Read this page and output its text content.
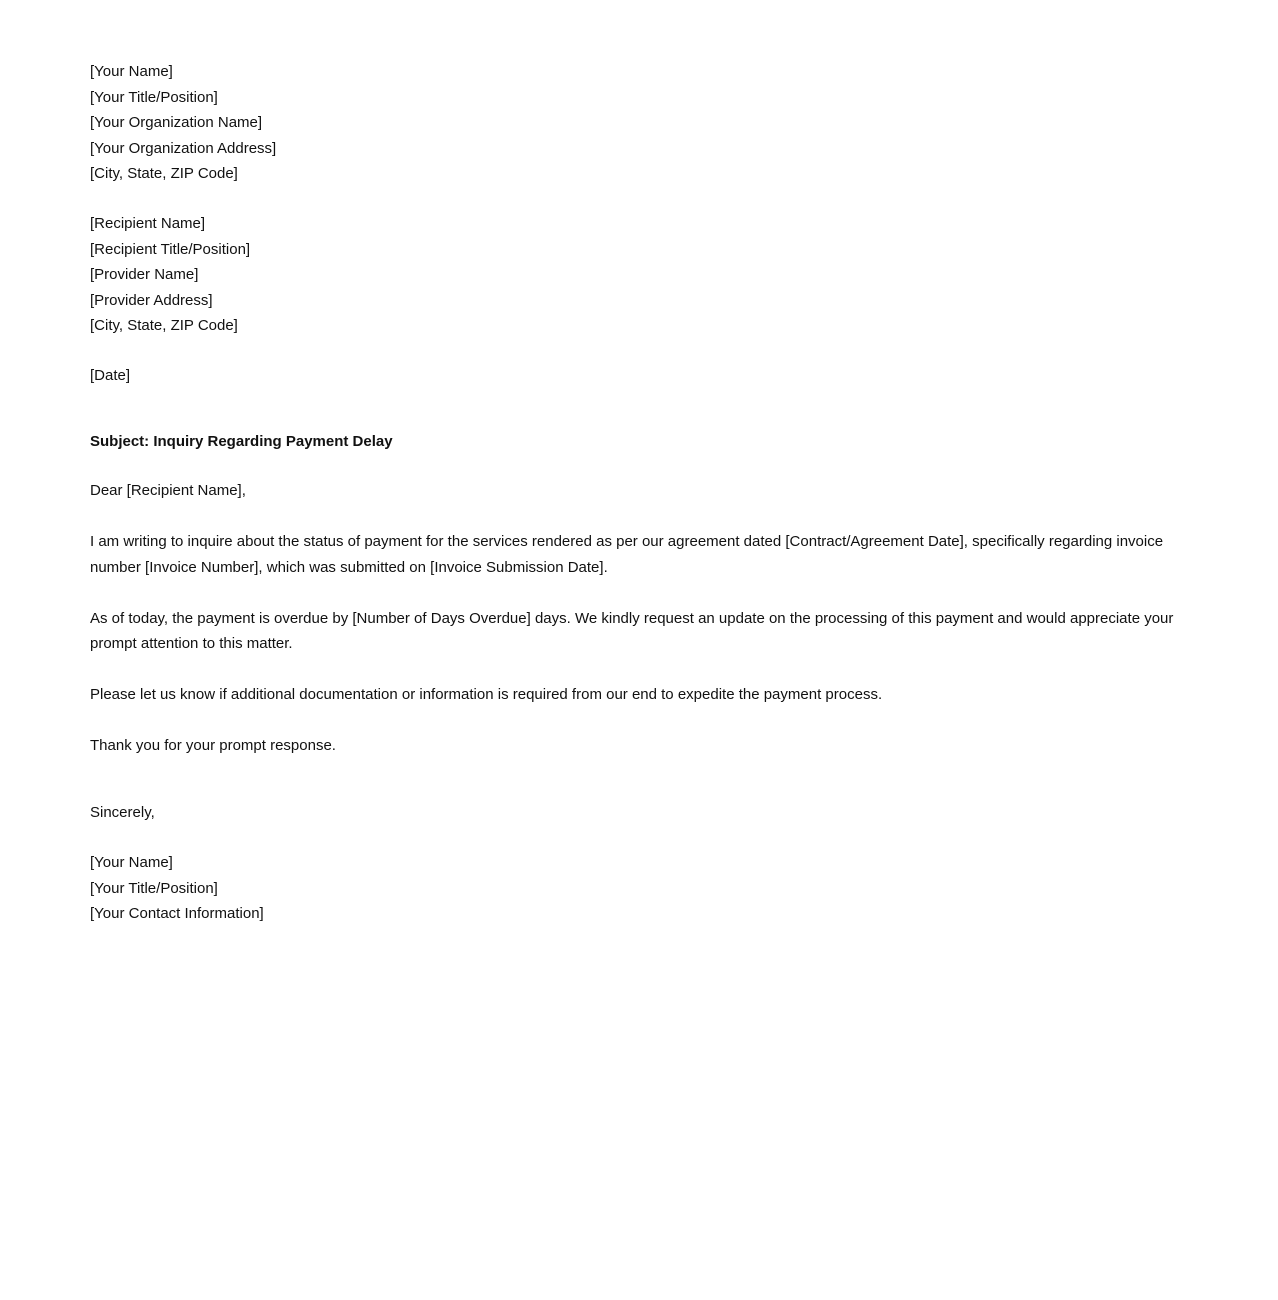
[Your Name]
[Your Title/Position]
[Your Organization Name]
[Your Organization Address]
[City, State, ZIP Code]
[Recipient Name]
[Recipient Title/Position]
[Provider Name]
[Provider Address]
[City, State, ZIP Code]
[Date]
Subject: Inquiry Regarding Payment Delay

Dear [Recipient Name],

I am writing to inquire about the status of payment for the services rendered as per our agreement dated [Contract/Agreement Date], specifically regarding invoice number [Invoice Number], which was submitted on [Invoice Submission Date].

As of today, the payment is overdue by [Number of Days Overdue] days. We kindly request an update on the processing of this payment and would appreciate your prompt attention to this matter.

Please let us know if additional documentation or information is required from our end to expedite the payment process.

Thank you for your prompt response.

Sincerely,
[Your Name]
[Your Title/Position]
[Your Contact Information]
